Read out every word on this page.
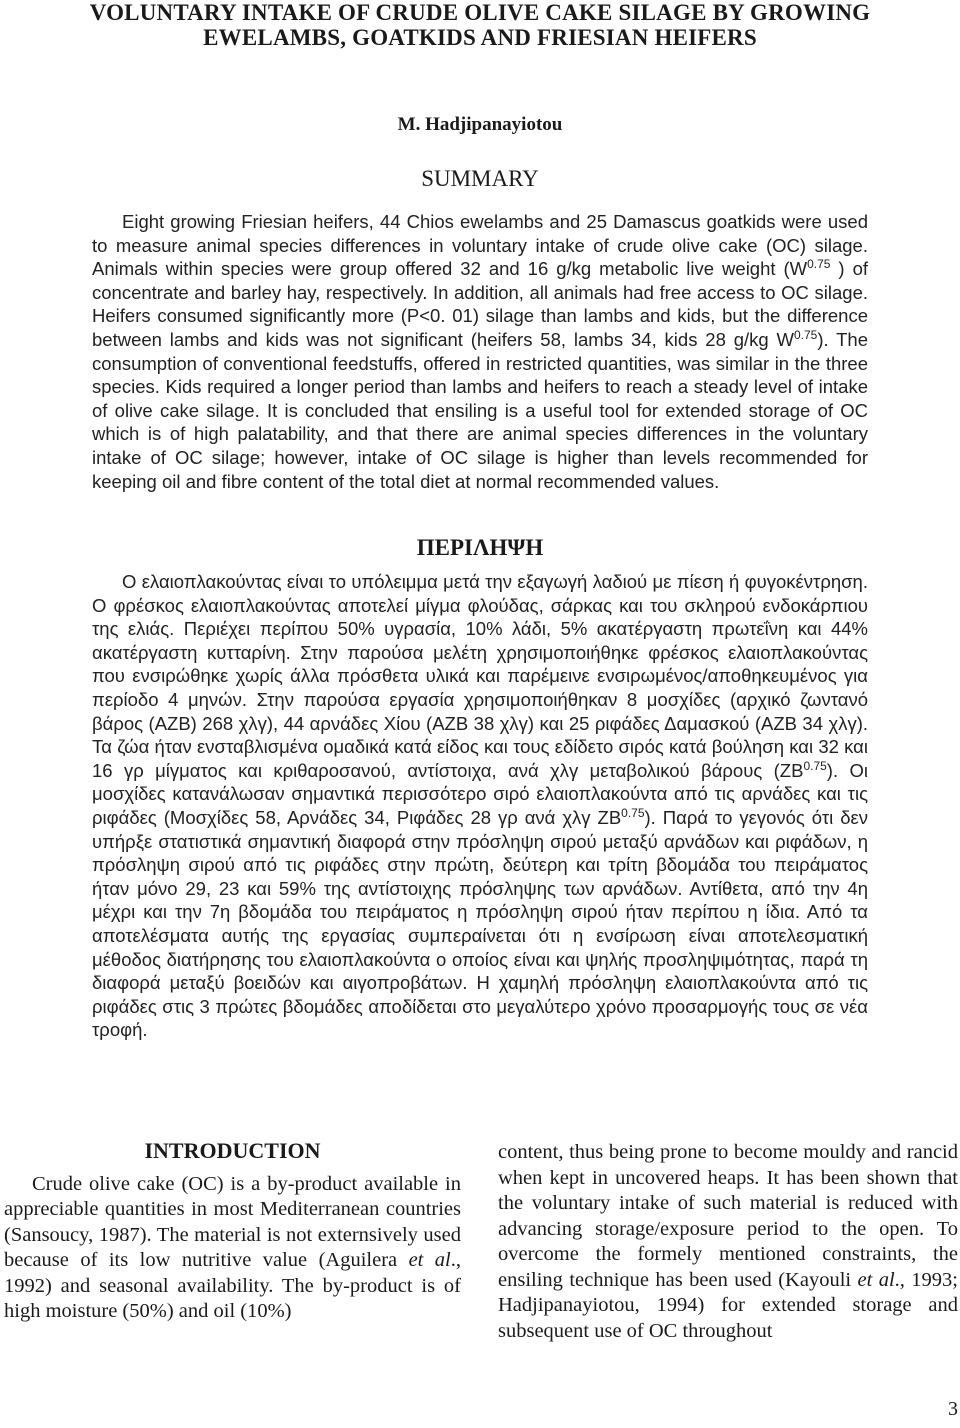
VOLUNTARY INTAKE OF CRUDE OLIVE CAKE SILAGE BY GROWING
EWELAMBS, GOATKIDS AND FRIESIAN HEIFERS
M. Hadjipanayiotou
SUMMARY

Eight growing Friesian heifers, 44 Chios ewelambs and 25 Damascus goatkids were used to measure animal species differences in voluntary intake of crude olive cake (OC) silage. Animals within species were group offered 32 and 16 g/kg metabolic live weight ($W^{0.75}$ ) of concentrate and barley hay, respectively. In addition, all animals had free access to OC silage. Heifers consumed significantly more (P<0. 01) silage than lambs and kids, but the difference between lambs and kids was not significant (heifers 58, lambs 34, kids 28 g/kg $W^{0.75}$). The consumption of conventional feedstuffs, offered in restricted quantities, was similar in the three species. Kids required a longer period than lambs and heifers to reach a steady level of intake of olive cake silage. It is concluded that ensiling is a useful tool for extended storage of OC which is of high palatability, and that there are animal species differences in the voluntary intake of OC silage; however, intake of OC silage is higher than levels recommended for keeping oil and fibre content of the total diet at normal recommended values.

ΠΕΡΙΛΗΨΗ

Ο ελαιοπλακούντας είναι το υπόλειμμα μετά την εξαγωγή λαδιού με πίεση ή φυγοκέντρηση. Ο φρέσκος ελαιοπλακούντας αποτελεί μίγμα φλούδας, σάρκας και του σκληρού ενδοκάρπιου της ελιάς. Περιέχει περίπου 50% υγρασία, 10% λάδι, 5% ακατέργαστη πρωτεΐνη και 44% ακατέργαστη κυτταρίνη. Στην παρούσα μελέτη χρησιμοποιήθηκε φρέσκος ελαιοπλακούντας που ενσιρώθηκε χωρίς άλλα πρόσθετα υλικά και παρέμεινε ενσιρωμένος/αποθηκευμένος για περίοδο 4 μηνών. Στην παρούσα εργασία χρησιμοποιήθηκαν 8 μοσχίδες (αρχικό ζωντανό βάρος (ΑΖΒ) 268 χλγ), 44 αρνάδες Χίου (ΑΖΒ 38 χλγ) και 25 ριφάδες Δαμασκού (ΑΖΒ 34 χλγ). Τα ζώα ήταν ενσταβλισμένα ομαδικά κατά είδος και τους εδίδετο σιρός κατά βούληση και 32 και 16 γρ μίγματος και κριθαροσανού, αντίστοιχα, ανά χλγ μεταβολικού βάρους $(ZB^{0.75})$. Οι μοσχίδες κατανάλωσαν σημαντικά περισσότερο σιρό ελαιοπλακούντα από τις αρνάδες και τις ριφάδες (Μοσχίδες 58, Αρνάδες 34, Ριφάδες 28 γρ ανά χλγ $ZB^{0.75}$). Παρά το γεγονός ότι δεν υπήρξε στατιστικά σημαντική διαφορά στην πρόσληψη σιρού μεταξύ αρνάδων και ριφάδων, η πρόσληψη σιρού από τις ριφάδες στην πρώτη, δεύτερη και τρίτη βδομάδα του πειράματος ήταν μόνο 29, 23 και 59% της αντίστοιχης πρόσληψης των αρνάδων. Αντίθετα, από την 4η μέχρι και την 7η βδομάδα του πειράματος η πρόσληψη σιρού ήταν περίπου η ίδια. Από τα αποτελέσματα αυτής της εργασίας συμπεραίνεται ότι η ενσίρωση είναι αποτελεσματική μέθοδος διατήρησης του ελαιοπλακούντα ο οποίος είναι και ψηλής προσληψιμότητας, παρά τη διαφορά μεταξύ βοειδών και αιγοπροβάτων. Η χαμηλή πρόσληψη ελαιοπλακούντα από τις ριφάδες στις 3 πρώτες βδομάδες αποδίδεται στο μεγαλύτερο χρόνο προσαρμογής τους σε νέα τροφή.

INTRODUCTION

Crude olive cake (OC) is a by-product available in appreciable quantities in most Mediterranean countries (Sansoucy, 1987). The material is not externsively used because of its low nutritive value (Aguilera et al., 1992) and seasonal availability. The by-product is of high moisture (50%) and oil (10%)

content, thus being prone to become mouldy and rancid when kept in uncovered heaps. It has been shown that the voluntary intake of such material is reduced with advancing storage/exposure period to the open. To overcome the formely mentioned constraints, the ensiling technique has been used (Kayouli et al., 1993; Hadjipanayiotou, 1994) for extended storage and subsequent use of OC throughout

3
